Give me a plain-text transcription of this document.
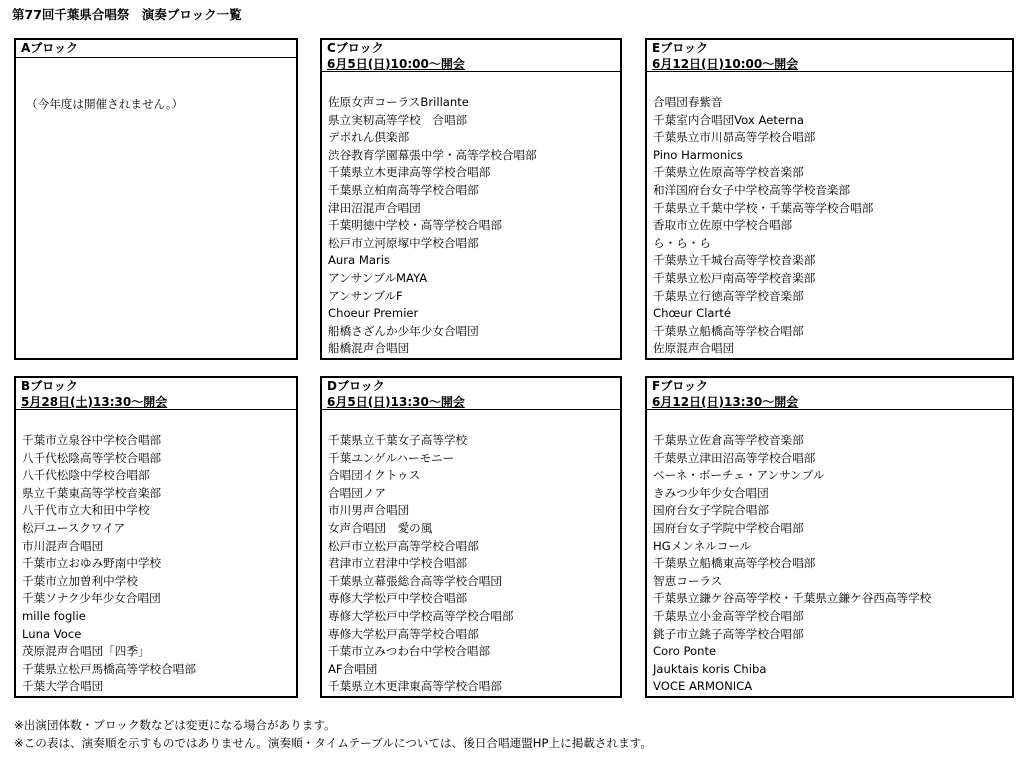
第77回千葉県合唱祭　演奏ブロック一覧
Aブロック
（今年度は開催されません。）
Cブロック
6月5日(日)10:00～開会
佐原女声コーラスBrillante
県立実籾高等学校　合唱部
デポれん倶楽部
渋谷教育学園幕張中学・高等学校合唱部
千葉県立木更津高等学校合唱部
千葉県立柏南高等学校合唱部
津田沼混声合唱団
千葉明徳中学校・高等学校合唱部
松戸市立河原塚中学校合唱部
Aura Maris
アンサンブルMAYA
アンサンブルF
Choeur Premier
船橋さざんか少年少女合唱団
船橋混声合唱団
Eブロック
6月12日(日)10:00～開会
合唱団春紫音
千葉室内合唱団Vox Aeterna
千葉県立市川昴高等学校合唱部
Pino Harmonics
千葉県立佐原高等学校音楽部
和洋国府台女子中学校高等学校音楽部
千葉県立千葉中学校・千葉高等学校合唱部
香取市立佐原中学校合唱部
ら・ら・ら
千葉県立千城台高等学校音楽部
千葉県立松戸南高等学校音楽部
千葉県立行徳高等学校音楽部
Chœur Clarté
千葉県立船橋高等学校合唱部
佐原混声合唱団
Bブロック
5月28日(土)13:30～開会
千葉市立泉谷中学校合唱部
八千代松陰高等学校合唱部
八千代松陰中学校合唱部
県立千葉東高等学校音楽部
八千代市立大和田中学校
松戸ユースクワイア
市川混声合唱団
千葉市立おゆみ野南中学校
千葉市立加曽利中学校
千葉ソナク少年少女合唱団
mille foglie
Luna Voce
茂原混声合唱団「四季」
千葉県立松戸馬橋高等学校合唱部
千葉大学合唱団
Dブロック
6月5日(日)13:30～開会
千葉県立千葉女子高等学校
千葉ユンゲルハーモニー
合唱団イクトゥス
合唱団ノア
市川男声合唱団
女声合唱団　愛の風
松戸市立松戸高等学校合唱部
君津市立君津中学校合唱部
千葉県立幕張総合高等学校合唱団
専修大学松戸中学校合唱部
専修大学松戸中学校高等学校合唱部
専修大学松戸高等学校合唱部
千葉市立みつわ台中学校合唱部
AF合唱団
千葉県立木更津東高等学校合唱部
Fブロック
6月12日(日)13:30～開会
千葉県立佐倉高等学校音楽部
千葉県立津田沼高等学校合唱部
ベーネ・ボーチェ・アンサンブル
きみつ少年少女合唱団
国府台女子学院合唱部
国府台女子学院中学校合唱部
HGメンネルコール
千葉県立船橋東高等学校合唱部
智恵コーラス
千葉県立鎌ケ谷高等学校・千葉県立鎌ケ谷西高等学校
千葉県立小金高等学校合唱部
銚子市立銚子高等学校合唱部
Coro Ponte
Jauktais koris Chiba
VOCE ARMONICA
※出演団体数・ブロック数などは変更になる場合があります。
※この表は、演奏順を示すものではありません。演奏順・タイムテーブルについては、後日合唱連盟HP上に掲載されます。
